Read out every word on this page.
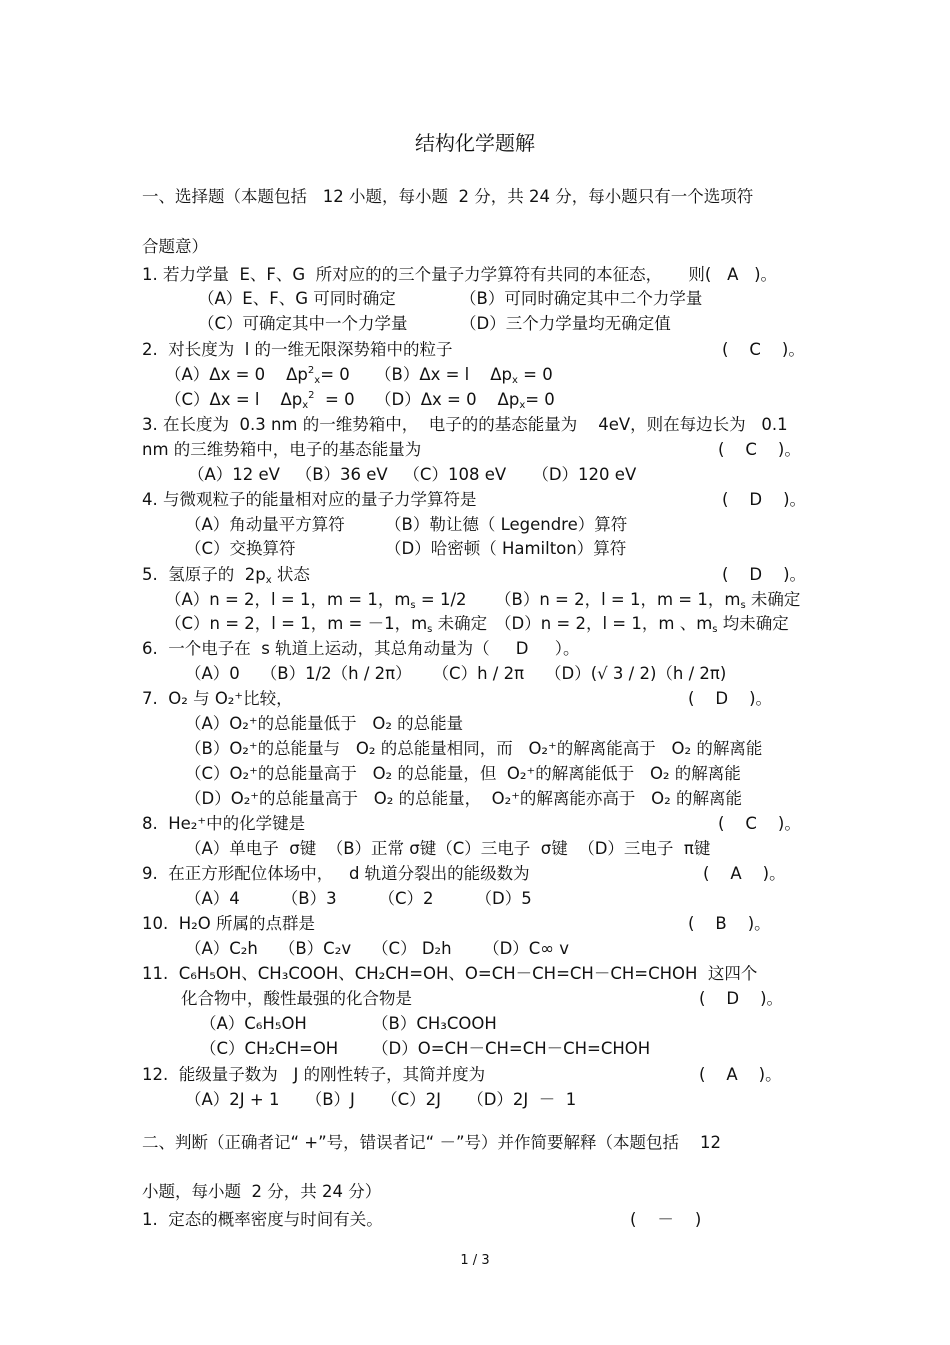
结构化学题解
一、选择题（本题包括   12 小题，每小题  2 分，共 24 分，每小题只有一个选项符
合题意）
1. 若力学量  E、F、G  所对应的的三个量子力学算符有共同的本征态，     则(   A   )。
（A）E、F、G 可同时确定	（B）可同时确定其中二个力学量
（C）可确定其中一个力学量	（D）三个力学量均无确定值
2.  对长度为  l 的一维无限深势箱中的粒子	(    C    )。
（A）Δx = 0    $\Delta p^2_x= 0$ （B）Δx = l    $\Delta p_x = 0$
（C）Δx = l    $\Delta p_x^2 = 0$ （D）Δx = 0    $\Delta p_x= 0$
3. 在长度为  0.3 nm 的一维势箱中，  电子的的基态能量为    4eV，则在每边长为   0.1
nm 的三维势箱中，电子的基态能量为	(    C    )。
（A）12 eV   （B）36 eV   （C）108 eV     （D）120 eV
4. 与微观粒子的能量相对应的量子力学算符是	(    D    )。
（A）角动量平方算符 （B）勒让德（ Legendre）算符
（C）交换算符	（D）哈密顿（ Hamilton）算符
5.  氢原子的  $2p_x$ 状态	(    D    )。
（A）n = 2，l = 1，m = 1，$m_s = 1/2$ （B）n = 2，l = 1，m = 1，$m_s$ 未确定
（C）n = 2，l = 1，m = －1，$m_s$ 未确定 （D）n = 2，l = 1，m 、$m_s$ 均未确定
6.  一个电子在  s 轨道上运动，其总角动量为（     D     ）。
（A）0    （B）1/2（h / 2π）    （C）h / 2π    （D）(√ 3 / 2)（h / 2π)
7.  O₂ 与 O₂⁺比较，	(    D    )。
（A）O₂⁺的总能量低于   O₂ 的总能量
（B）O₂⁺的总能量与   O₂ 的总能量相同，而   O₂⁺的解离能高于   O₂ 的解离能
（C）O₂⁺的总能量高于   O₂ 的总能量，但  O₂⁺的解离能低于   O₂ 的解离能
（D）O₂⁺的总能量高于   O₂ 的总能量，  O₂⁺的解离能亦高于   O₂ 的解离能
8.  He₂⁺中的化学键是	(    C    )。
（A）单电子  σ键  （B）正常 σ键（C）三电子  σ键  （D）三电子  π键
9.  在正方形配位体场中，   d 轨道分裂出的能级数为	(    A    )。
（A）4        （B）3        （C）2        （D）5
10.  H₂O 所属的点群是	(    B    )。
（A）C₂h    （B）C₂v    （C） D₂h      （D）C∞ v
11.  C₆H₅OH、CH₃COOH、CH₂CH=OH、O=CH－CH=CH－CH=CHOH  这四个
化合物中，酸性最强的化合物是	(    D    )。
（A）C₆H₅OH	（B）CH₃COOH
（C）CH₂CH=OH （D）O=CH－CH=CH－CH=CHOH
12.  能级量子数为   J 的刚性转子，其简并度为	(    A    )。
（A）2J + 1     （B）J     （C）2J     （D）2J  －  1
二、判断（正确者记“ +”号，错误者记“ －”号）并作简要解释（本题包括    12
小题，每小题  2 分，共 24 分）
1.  定态的概率密度与时间有关。	(    －    )
1 / 3
